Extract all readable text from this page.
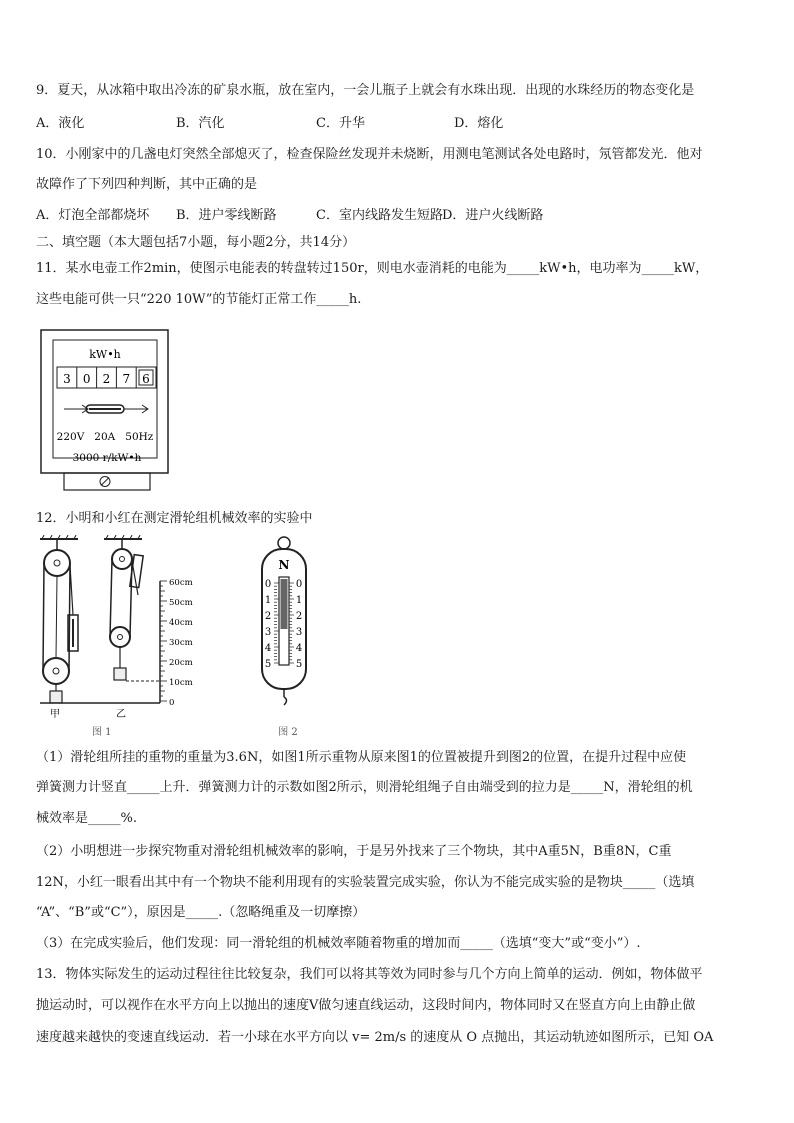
9．夏天，从冰箱中取出冷冻的矿泉水瓶，放在室内，一会儿瓶子上就会有水珠出现．出现的水珠经历的物态变化是
A．液化	B．汽化	C．升华	D．熔化
10．小刚家中的几盏电灯突然全部熄灭了，检查保险丝发现并未烧断，用测电笔测试各处电路时，氖管都发光．他对
故障作了下列四种判断，其中正确的是
A．灯泡全部都烧坏 B．进户零线断路	C．室内线路发生短路 D．进户火线断路
二、填空题（本大题包括7小题，每小题2分，共14分）
11．某水电壶工作2min，使图示电能表的转盘转过150r，则电水壶消耗的电能为_____kW•h，电功率为_____kW，
这些电能可供一只“220 10W”的节能灯正常工作_____h.
kW•h
3 0 2 7 6
220V   20A   50Hz
3000 r/kW•h
12．小明和小红在测定滑轮组机械效率的实验中
60cm
50cm
40cm
30cm
20cm
10cm
0
甲	乙
图 1
N
0
1
2
3
4
5
0
1
2
3
4
5
图 2
（1）滑轮组所挂的重物的重量为3.6N，如图1所示重物从原来图1的位置被提升到图2的位置，在提升过程中应使
弹簧测力计竖直_____上升．弹簧测力计的示数如图2所示，则滑轮组绳子自由端受到的拉力是_____N，滑轮组的机
械效率是_____%.
（2）小明想进一步探究物重对滑轮组机械效率的影响，于是另外找来了三个物块，其中A重5N，B重8N，C重
12N，小红一眼看出其中有一个物块不能利用现有的实验装置完成实验，你认为不能完成实验的是物块_____（选填
“A”、“B”或“C”），原因是_____.（忽略绳重及一切摩擦）
（3）在完成实验后，他们发现：同一滑轮组的机械效率随着物重的增加而_____（选填“变大”或“变小”）.
13．物体实际发生的运动过程往往比较复杂，我们可以将其等效为同时参与几个方向上简单的运动．例如，物体做平
抛运动时，可以视作在水平方向上以抛出的速度V做匀速直线运动，这段时间内，物体同时又在竖直方向上由静止做
速度越来越快的变速直线运动．若一小球在水平方向以 v= 2m/s 的速度从 O 点抛出，其运动轨迹如图所示，已知 OA
